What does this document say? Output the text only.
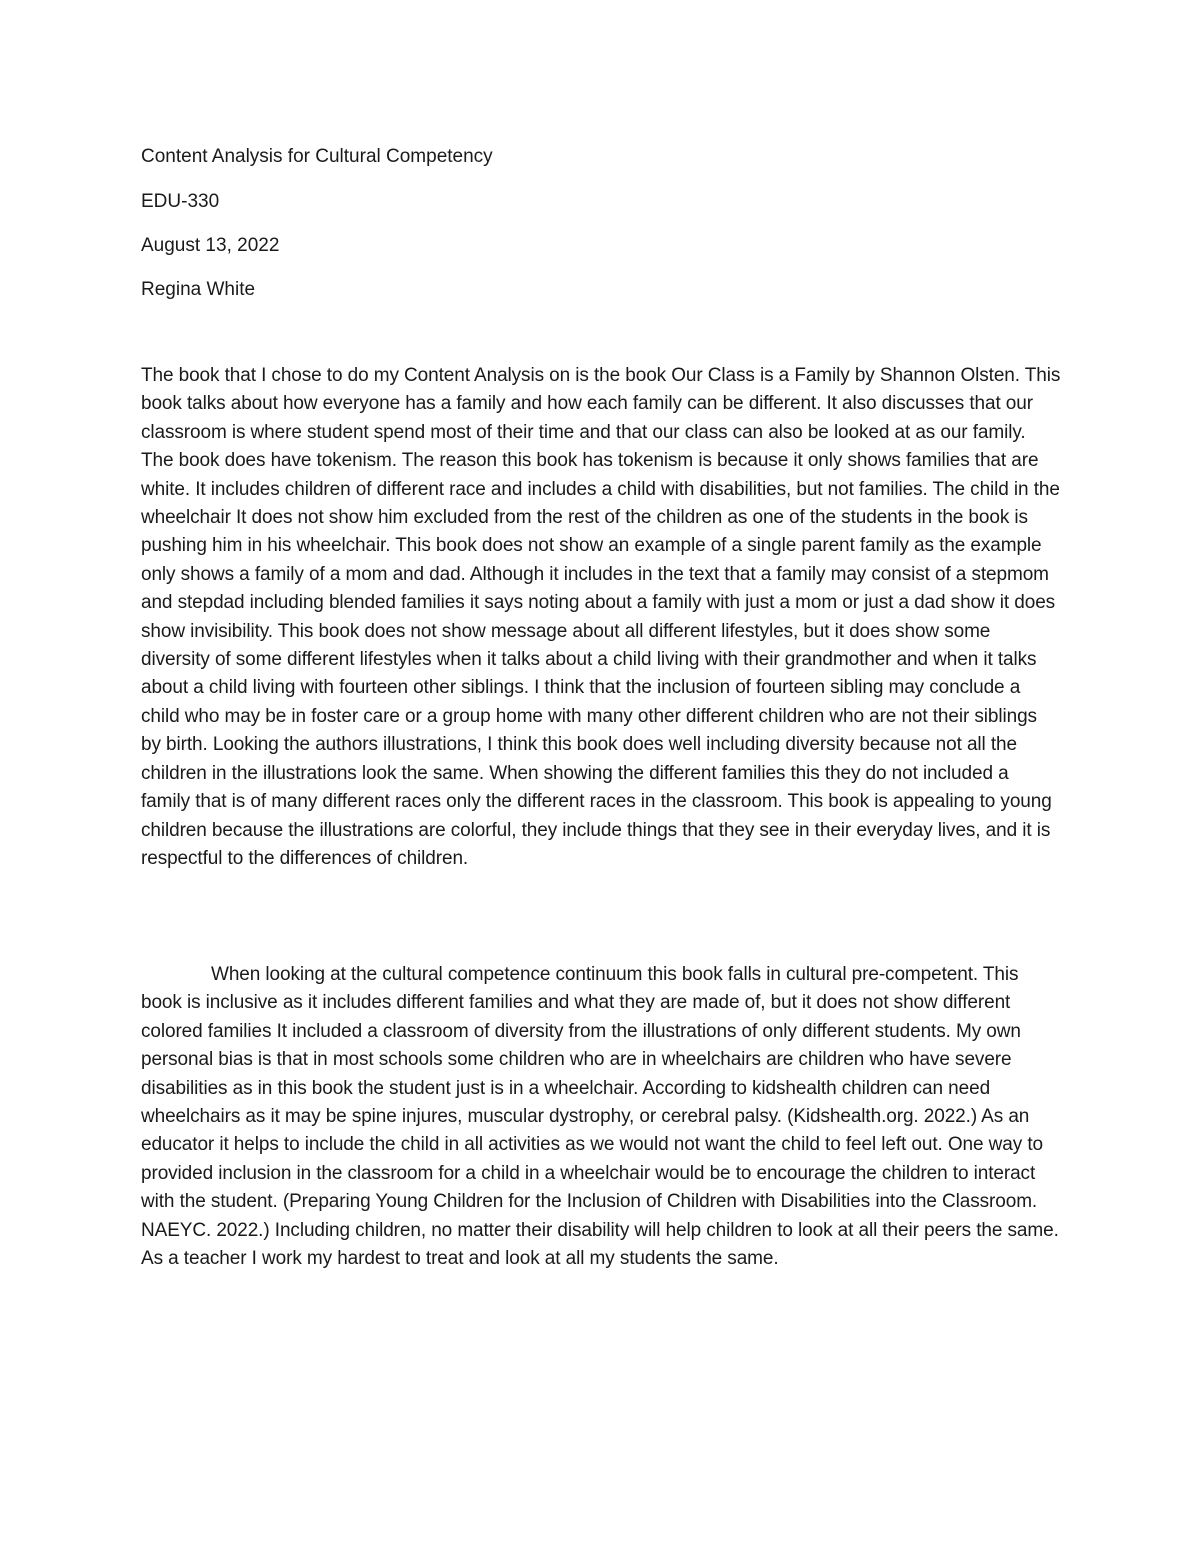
Content Analysis for Cultural Competency
EDU-330
August 13, 2022
Regina White

The book that I chose to do my Content Analysis on is the book Our Class is a Family by Shannon Olsten. This book talks about how everyone has a family and how each family can be different. It also discusses that our classroom is where student spend most of their time and that our class can also be looked at as our family. The book does have tokenism. The reason this book has tokenism is because it only shows families that are white. It includes children of different race and includes a child with disabilities, but not families. The child in the wheelchair It does not show him excluded from the rest of the children as one of the students in the book is pushing him in his wheelchair. This book does not show an example of a single parent family as the example only shows a family of a mom and dad. Although it includes in the text that a family may consist of a stepmom and stepdad including blended families it says noting about a family with just a mom or just a dad show it does show invisibility. This book does not show message about all different lifestyles, but it does show some diversity of some different lifestyles when it talks about a child living with their grandmother and when it talks about a child living with fourteen other siblings. I think that the inclusion of fourteen sibling may conclude a child who may be in foster care or a group home with many other different children who are not their siblings by birth. Looking the authors illustrations, I think this book does well including diversity because not all the children in the illustrations look the same. When showing the different families this they do not included a family that is of many different races only the different races in the classroom. This book is appealing to young children because the illustrations are colorful, they include things that they see in their everyday lives, and it is respectful to the differences of children.

When looking at the cultural competence continuum this book falls in cultural pre-competent. This book is inclusive as it includes different families and what they are made of, but it does not show different colored families It included a classroom of diversity from the illustrations of only different students. My own personal bias is that in most schools some children who are in wheelchairs are children who have severe disabilities as in this book the student just is in a wheelchair. According to kidshealth children can need wheelchairs as it may be spine injures, muscular dystrophy, or cerebral palsy. (Kidshealth.org. 2022.) As an educator it helps to include the child in all activities as we would not want the child to feel left out. One way to provided inclusion in the classroom for a child in a wheelchair would be to encourage the children to interact with the student. (Preparing Young Children for the Inclusion of Children with Disabilities into the Classroom. NAEYC. 2022.) Including children, no matter their disability will help children to look at all their peers the same. As a teacher I work my hardest to treat and look at all my students the same.
